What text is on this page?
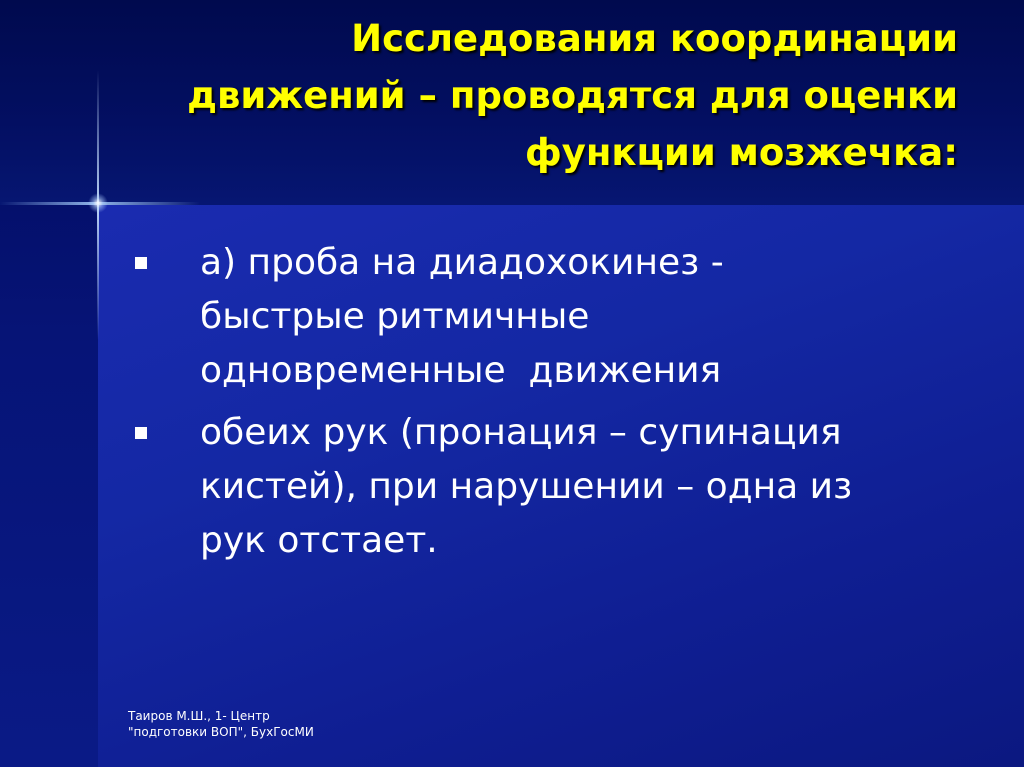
Исследования координации
движений – проводятся для оценки
функции мозжечка:
а) проба на диадохокинез -
быстрые ритмичные
одновременные  движения
обеих рук (пронация – супинация
кистей), при нарушении – одна из
рук отстает.
Таиров М.Ш., 1- Центр
"подготовки ВОП", БухГосМИ
